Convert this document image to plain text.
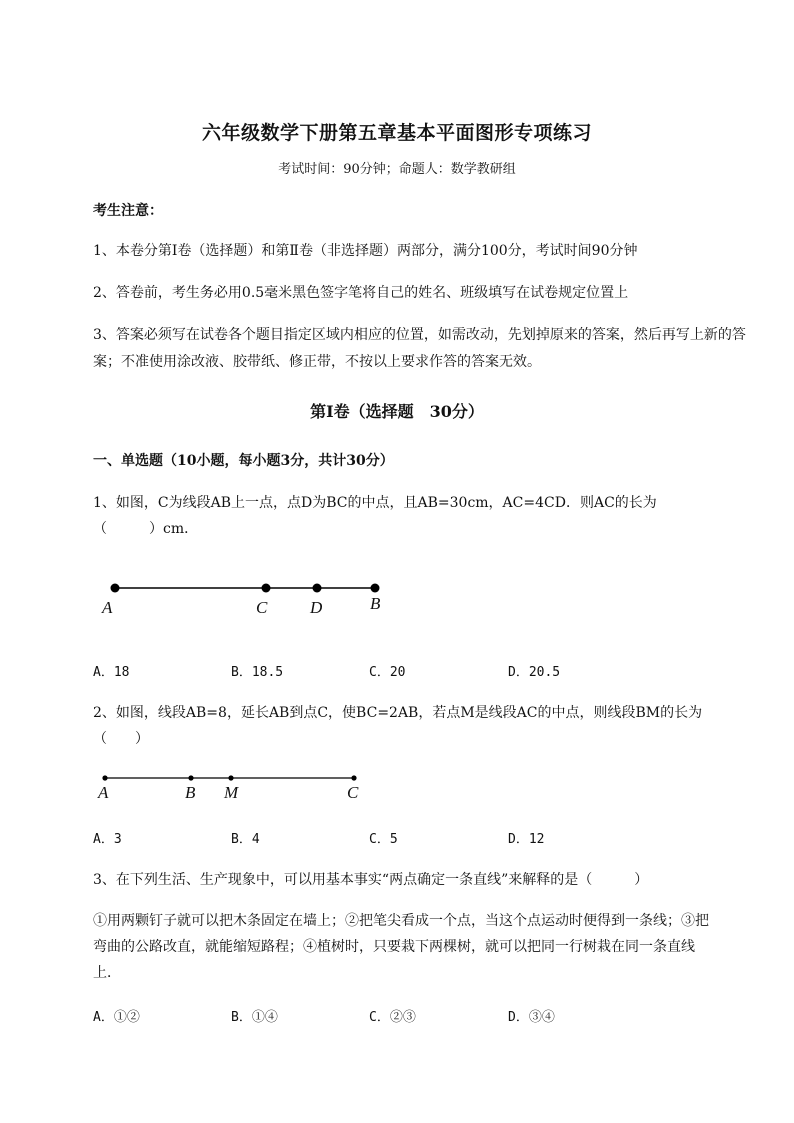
六年级数学下册第五章基本平面图形专项练习
考试时间：90分钟；命题人：数学教研组
考生注意：
1、本卷分第I卷（选择题）和第Ⅱ卷（非选择题）两部分，满分100分，考试时间90分钟
2、答卷前，考生务必用0.5毫米黑色签字笔将自己的姓名、班级填写在试卷规定位置上
3、答案必须写在试卷各个题目指定区域内相应的位置，如需改动，先划掉原来的答案，然后再写上新的答案；不准使用涂改液、胶带纸、修正带，不按以上要求作答的答案无效。
第I卷（选择题　30分）
一、单选题（10小题，每小题3分，共计30分）
1、如图，C为线段AB上一点，点D为BC的中点，且AB=30cm，AC=4CD．则AC的长为
（　　　）cm．
A	C	D	B
A．18	B．18.5	C．20	D．20.5
2、如图，线段AB=8，延长AB到点C，使BC=2AB，若点M是线段AC的中点，则线段BM的长为
（　　）
A	B M	C
A．3	B．4	C．5	D．12
3、在下列生活、生产现象中，可以用基本事实“两点确定一条直线”来解释的是（　　　）
①用两颗钉子就可以把木条固定在墙上；②把笔尖看成一个点，当这个点运动时便得到一条线；③把
弯曲的公路改直，就能缩短路程；④植树时，只要栽下两棵树，就可以把同一行树栽在同一条直线
上．
A．①②	B．①④	C．②③	D．③④
